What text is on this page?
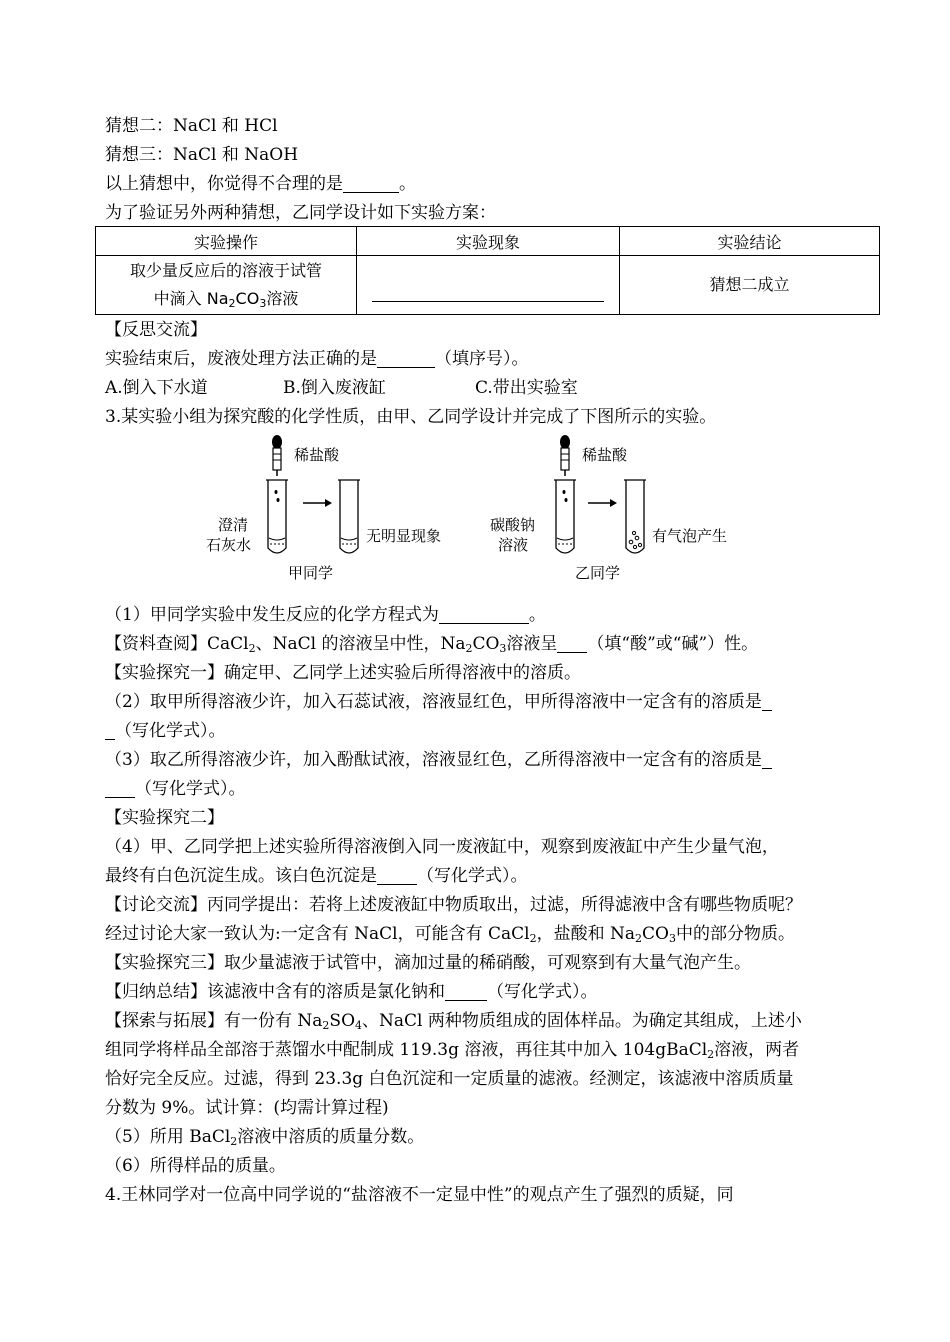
猜想二：NaCl 和 HCl
猜想三：NaCl 和 NaOH
以上猜想中，你觉得不合理的是	。
为了验证另外两种猜想，乙同学设计如下实验方案：
实验操作	实验现象	实验结论

取少量反应后的溶液于试管
中滴入 $Na_2CO_3$溶液		猜想二成立
【反思交流】
实验结束后，废液处理方法正确的是	（填序号）。
A.倒入下水道	B.倒入废液缸	C.带出实验室
3.某实验小组为探究酸的化学性质，由甲、乙同学设计并完成了下图所示的实验。
稀盐酸
澄清
石灰水	无明显现象
甲同学
稀盐酸
碳酸钠
溶液	有气泡产生
乙同学
（1）甲同学实验中发生反应的化学方程式为	。
【资料查阅】CaCl$_2$、NaCl 的溶液呈中性，$Na_2CO_3$溶液呈 （填“酸”或“碱”）性。
【实验探究一】确定甲、乙同学上述实验后所得溶液中的溶质。
（2）取甲所得溶液少许，加入石蕊试液，溶液显红色，甲所得溶液中一定含有的溶质是
（写化学式）。
（3）取乙所得溶液少许，加入酚酞试液，溶液显红色，乙所得溶液中一定含有的溶质是
（写化学式）。
【实验探究二】
（4）甲、乙同学把上述实验所得溶液倒入同一废液缸中，观察到废液缸中产生少量气泡，
最终有白色沉淀生成。该白色沉淀是 （写化学式）。
【讨论交流】丙同学提出：若将上述废液缸中物质取出，过滤，所得滤液中含有哪些物质呢？
经过讨论大家一致认为:一定含有 NaCl，可能含有 CaCl$_2$，盐酸和 $Na_2CO_3$中的部分物质。
【实验探究三】取少量滤液于试管中，滴加过量的稀硝酸，可观察到有大量气泡产生。
【归纳总结】该滤液中含有的溶质是氯化钠和 （写化学式）。
【探索与拓展】有一份有 $Na_2SO_4$、NaCl 两种物质组成的固体样品。为确定其组成，上述小
组同学将样品全部溶于蒸馏水中配制成 119.3g 溶液，再往其中加入 104gBaCl$_2$溶液，两者
恰好完全反应。过滤，得到 23.3g 白色沉淀和一定质量的滤液。经测定，该滤液中溶质质量
分数为 9%。试计算：(均需计算过程)
（5）所用 BaCl$_2$溶液中溶质的质量分数。
（6）所得样品的质量。
4.王林同学对一位高中同学说的“盐溶液不一定显中性”的观点产生了强烈的质疑，同
